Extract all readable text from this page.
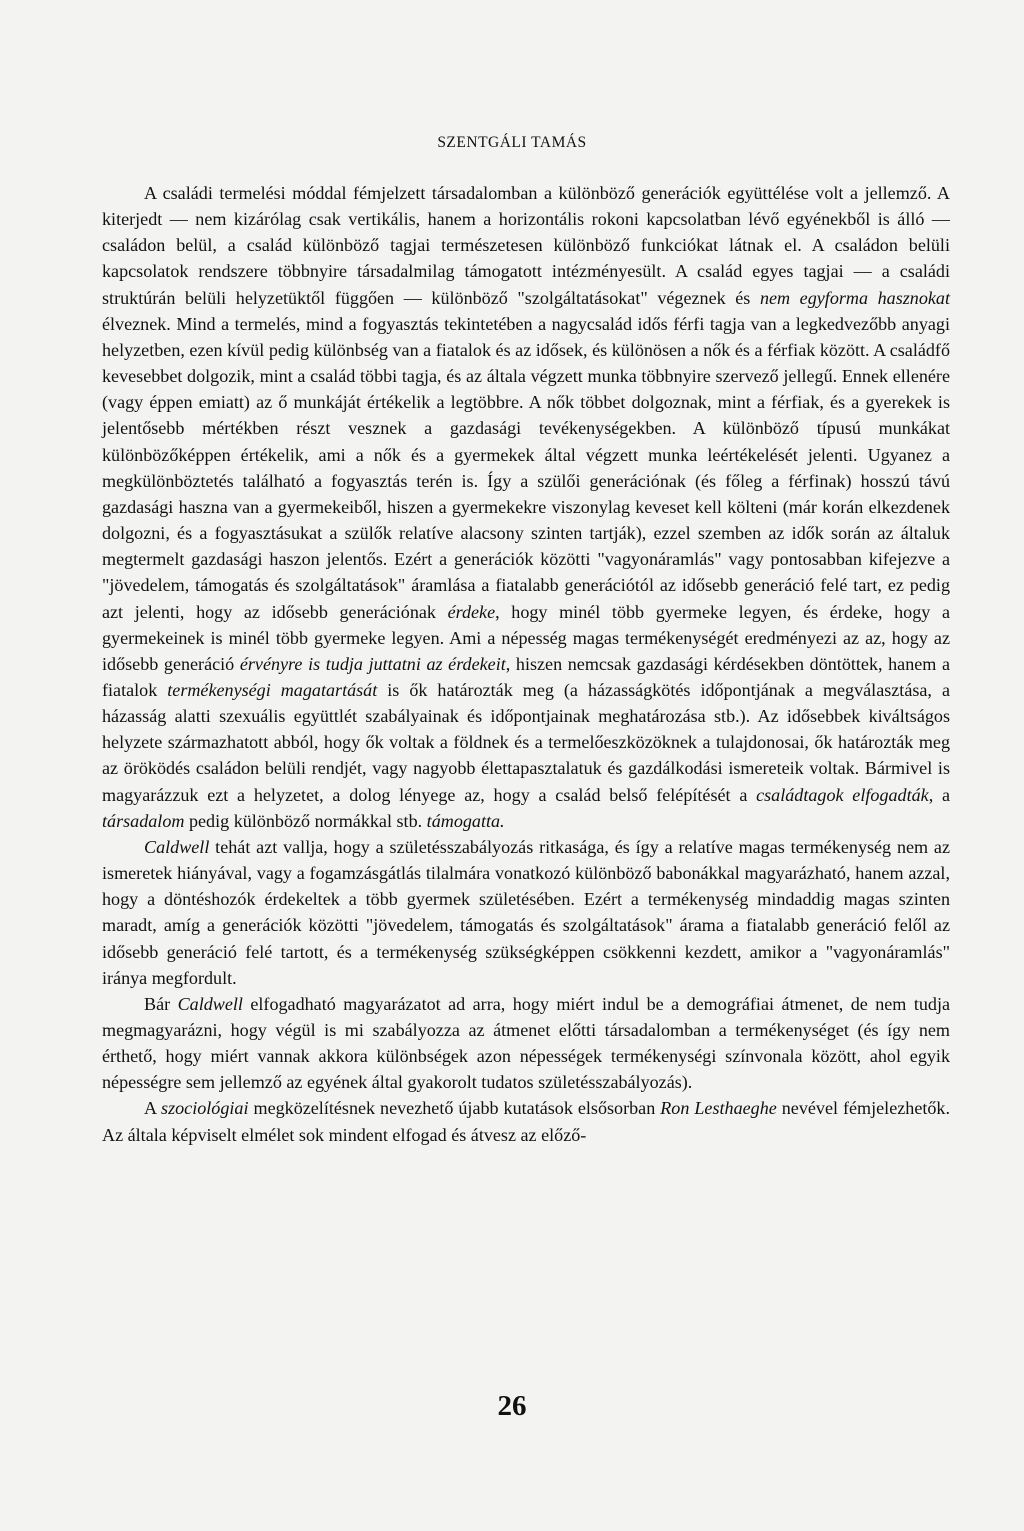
SZENTGÁLI TAMÁS

A családi termelési móddal fémjelzett társadalomban a különböző generációk együttélése volt a jellemző. A kiterjedt — nem kizárólag csak vertikális, hanem a horizontális rokoni kapcsolatban lévő egyénekből is álló — családon belül, a család különböző tagjai természetesen különböző funkciókat látnak el. A családon belüli kapcsolatok rendszere többnyire társadalmilag támogatott intézményesült. A család egyes tagjai — a családi struktúrán belüli helyzetüktől függően — különböző "szolgáltatásokat" végeznek és nem egyforma hasznokat élveznek. Mind a termelés, mind a fogyasztás tekintetében a nagycsalád idős férfi tagja van a legkedvezőbb anyagi helyzetben, ezen kívül pedig különbség van a fiatalok és az idősek, és különösen a nők és a férfiak között. A családfő kevesebbet dolgozik, mint a család többi tagja, és az általa végzett munka többnyire szervező jellegű. Ennek ellenére (vagy éppen emiatt) az ő munkáját értékelik a legtöbbre. A nők többet dolgoznak, mint a férfiak, és a gyerekek is jelentősebb mértékben részt vesznek a gazdasági tevékenységekben. A különböző típusú munkákat különbözőképpen értékelik, ami a nők és a gyermekek által végzett munka leértékelését jelenti. Ugyanez a megkülönböztetés található a fogyasztás terén is. Így a szülői generációnak (és főleg a férfinak) hosszú távú gazdasági haszna van a gyermekeiből, hiszen a gyermekekre viszonylag keveset kell költeni (már korán elkezdenek dolgozni, és a fogyasztásukat a szülők relatíve alacsony szinten tartják), ezzel szemben az idők során az általuk megtermelt gazdasági haszon jelentős. Ezért a generációk közötti "vagyonáramlás" vagy pontosabban kifejezve a "jövedelem, támogatás és szolgáltatások" áramlása a fiatalabb generációtól az idősebb generáció felé tart, ez pedig azt jelenti, hogy az idősebb generációnak érdeke, hogy minél több gyermeke legyen, és érdeke, hogy a gyermekeinek is minél több gyermeke legyen. Ami a népesség magas termékenységét eredményezi az az, hogy az idősebb generáció érvényre is tudja juttatni az érdekeit, hiszen nemcsak gazdasági kérdésekben döntöttek, hanem a fiatalok termékenységi magatartását is ők határozták meg (a házasságkötés időpontjának a megválasztása, a házasság alatti szexuális együttlét szabályainak és időpontjainak meghatározása stb.). Az idősebbek kiváltságos helyzete származhatott abból, hogy ők voltak a földnek és a termelőeszközöknek a tulajdonosai, ők határozták meg az öröködés családon belüli rendjét, vagy nagyobb élettapasztalatuk és gazdálkodási ismereteik voltak. Bármivel is magyarázzuk ezt a helyzetet, a dolog lényege az, hogy a család belső felépítését a családtagok elfogadták, a társadalom pedig különböző normákkal stb. támogatta.

Caldwell tehát azt vallja, hogy a születésszabályozás ritkasága, és így a relatíve magas termékenység nem az ismeretek hiányával, vagy a fogamzásgátlás tilalmára vonatkozó különböző babonákkal magyarázható, hanem azzal, hogy a döntéshozók érdekeltek a több gyermek születésében. Ezért a termékenység mindaddig magas szinten maradt, amíg a generációk közötti "jövedelem, támogatás és szolgáltatások" árama a fiatalabb generáció felől az idősebb generáció felé tartott, és a termékenység szükségképpen csökkenni kezdett, amikor a "vagyonáramlás" iránya megfordult.

Bár Caldwell elfogadható magyarázatot ad arra, hogy miért indul be a demográfiai átmenet, de nem tudja megmagyarázni, hogy végül is mi szabályozza az átmenet előtti társadalomban a termékenységet (és így nem érthető, hogy miért vannak akkora különbségek azon népességek termékenységi színvonala között, ahol egyik népességre sem jellemző az egyének által gyakorolt tudatos születésszabályozás).

A szociológiai megközelítésnek nevezhető újabb kutatások elsősorban Ron Lesthaeghe nevével fémjelezhetők. Az általa képviselt elmélet sok mindent elfogad és átvesz az előző-

26
